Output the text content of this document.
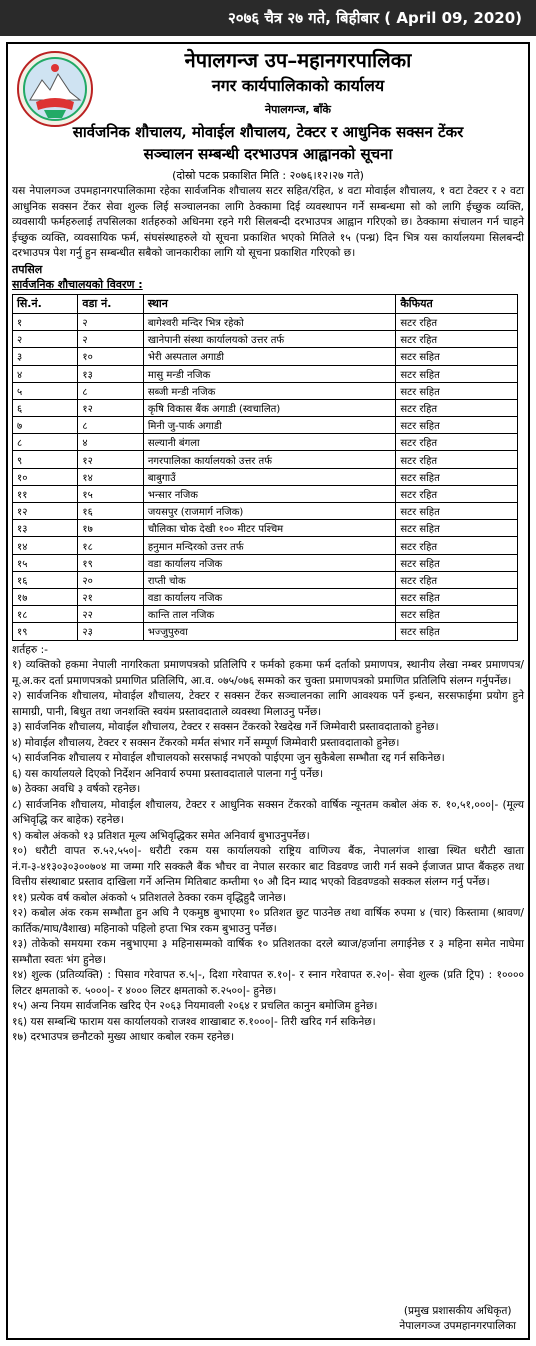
२०७६ चैत्र २७ गते, बिहीबार ( April 09, 2020)
नेपालगन्ज उप–महानगरपालिका
नगर कार्यपालिकाको कार्यालय
नेपालगन्ज, बाँके
सार्वजनिक शौचालय, मोवाईल शौचालय, टेक्टर र आधुनिक सक्सन टेंकर
सञ्चालन सम्बन्धी दरभाउपत्र आह्वानको सूचना
(दोस्रो पटक प्रकाशित मिति : २०७६।१२।२७ गते)
यस नेपालगञ्ज उपमहानगरपालिकामा रहेका सार्वजनिक शौचालय सटर सहित/रहित, ४ वटा मोवाईल शौचालय, १ वटा टेक्टर र २ वटा आधुनिक सक्सन टेंकर सेवा शुल्क लिई सञ्चालनका लागि ठेक्कामा दिई व्यवस्थापन गर्ने सम्बन्धमा सो को लागि ईच्छुक व्यक्ति, व्यवसायी फर्महरुलाई तपसिलका शर्तहरुको अधिनमा रहने गरी सिलबन्दी दरभाउपत्र आह्वान गरिएको छ। ठेक्कामा संचालन गर्न चाहने ईच्छुक व्यक्ति, व्यवसायिक फर्म, संघसंस्थाहरुले यो सूचना प्रकाशित भएको मितिले १५ (पन्ध्र) दिन भित्र यस कार्यालयमा सिलबन्दी दरभाउपत्र पेश गर्नु हुन सम्बन्धीत सबैको जानकारीका लागि यो सूचना प्रकाशित गरिएको छ।
तपसिल
सार्वजनिक शौचालयको विवरण :
सि.नं.	वडा नं.	स्थान	कैफियत
१	२	बागेश्वरी मन्दिर भित्र रहेको	सटर रहित
२	२	खानेपानी संस्था कार्यालयको उत्तर तर्फ	सटर रहित
३	१०	भेरी अस्पताल अगाडी	सटर सहित
४	१३	मासु मन्डी नजिक	सटर सहित
५	८	सब्जी मन्डी नजिक	सटर सहित
६	१२	कृषि विकास बैंक अगाडी (स्वचालित)	सटर रहित
७	८	मिनी जु-पार्क अगाडी	सटर सहित
८	४	सल्यानी बंगला	सटर रहित
९	१२	नगरपालिका कार्यालयको उत्तर तर्फ	सटर रहित
१०	१४	बाबुगाउँ	सटर सहित
११	१५	भन्सार नजिक	सटर रहित
१२	१६	जयसपुर (राजमार्ग नजिक)	सटर सहित
१३	१७	चौलिका चोक देखी १०० मीटर पश्चिम	सटर सहित
१४	१८	हनुमान मन्दिरको उत्तर तर्फ	सटर रहित
१५	१९	वडा कार्यालय नजिक	सटर सहित
१६	२०	राप्ती चोक	सटर रहित
१७	२१	वडा कार्यालय नजिक	सटर सहित
१८	२२	कान्ति ताल नजिक	सटर सहित
१९	२३	भज्जुपुरुवा	सटर सहित

शर्तहरु :-

१) व्यक्तिको हकमा नेपाली नागरिकता प्रमाणपत्रको प्रतिलिपि र फर्मको हकमा फर्म दर्ताको प्रमाणपत्र, स्थानीय लेखा नम्बर प्रमाणपत्र/मू.अ.कर दर्ता प्रमाणपत्रको प्रमाणित प्रतिलिपि, आ.व. ०७५/०७६ सम्मको कर चुक्ता प्रमाणपत्रको प्रमाणित प्रतिलिपि संलग्न गर्नुपर्नेछ।

२) सार्वजनिक शौचालय, मोवाईल शौचालय, टेक्टर र सक्सन टेंकर सञ्चालनका लागि आवश्यक पर्ने इन्धन, सरसफाईमा प्रयोग हुने सामाग्री, पानी, बिधुत तथा जनशक्ति स्वयंम प्रस्तावदाताले व्यवस्था मिलाउनु पर्नेछ।

३) सार्वजनिक शौचालय, मोवाईल शौचालय, टेक्टर र सक्सन टेंकरको रेखदेख गर्ने जिम्मेवारी प्रस्तावदाताको हुनेछ।

४) मोवाईल शौचालय, टेक्टर र सक्सन टेंकरको मर्मत संभार गर्ने सम्पूर्ण जिम्मेवारी प्रस्तावदाताको हुनेछ।

५) सार्वजनिक शौचालय र मोवाईल शौचालयको सरसफाई नभएको पाईएमा जुन सुकैबेला सम्भौता रद्द गर्न सकिनेछ।

६) यस कार्यालयले दिएको निर्देशन अनिवार्य रुपमा प्रस्तावदाताले पालना गर्नु पर्नेछ।

७) ठेक्का अवधि ३ वर्षको रहनेछ।

८) सार्वजनिक शौचालय, मोवाईल शौचालय, टेक्टर र आधुनिक सक्सन टेंकरको वार्षिक न्यूनतम कबोल अंक रु. १०,५१,०००|- (मूल्य अभिवृद्धि कर बाहेक) रहनेछ।

९) कबोल अंकको १३ प्रतिशत मूल्य अभिवृद्धिकर समेत अनिवार्य बुभाउनुपर्नेछ।

१०) धरौटी वापत रु.५२,५५०|- धरौटी रकम यस कार्यालयको राष्ट्रिय वाणिज्य बैंक, नेपालगंज शाखा स्थित धरौटी खाता नं.ग-३-४१३०३०३००७०४ मा जम्मा गरि सक्कलै बैंक भौचर वा नेपाल सरकार बाट विडवण्ड जारी गर्न सक्ने ईजाजत प्राप्त बैंकहरु तथा वित्तीय संस्थाबाट प्रस्ताव दाखिला गर्ने अन्तिम मितिबाट कम्तीमा ९० औ दिन म्याद भएको विडवण्डको सक्कल संलग्न गर्नु पर्नेछ।

११) प्रत्येक वर्ष कबोल अंकको ५ प्रतिशतले ठेक्का रकम वृद्धिहुदै जानेछ।

१२) कबोल अंक रकम सम्भौता हुन अघि नै एकमुष्ठ बुभाएमा १० प्रतिशत छुट पाउनेछ तथा वार्षिक रुपमा ४ (चार) किस्तामा (श्रावण/कार्तिक/माघ/वैशाख) महिनाको पहिलो हप्ता भित्र रकम बुभाउनु पर्नेछ।

१३) तोकेको समयमा रकम नबुभाएमा ३ महिनासम्मको वार्षिक १० प्रतिशतका दरले ब्याज/हर्जाना लगाईनेछ र ३ महिना समेत नाघेमा सम्भौता स्वतः भंग हुनेछ।

१४) शुल्क (प्रतिव्यक्ति) : पिसाव गरेवापत रु.५|-, दिशा गरेवापत रु.१०|- र स्नान गरेवापत रु.२०|- सेवा शुल्क (प्रति ट्रिप) : १०००० लिटर क्षमताको रु. ५०००|- र ४००० लिटर क्षमताको रु.२५००|- हुनेछ।

१५) अन्य नियम सार्वजनिक खरिद ऐन २०६३ नियमावली २०६४ र प्रचलित कानुन बमोजिम हुनेछ।

१६) यस सम्बन्धि फाराम यस कार्यालयको राजश्व शाखाबाट रु.१०००|- तिरी खरिद गर्न सकिनेछ।

१७) दरभाउपत्र छनौटको मुख्य आधार कबोल रकम रहनेछ।

(प्रमुख प्रशासकीय अधिकृत)
नेपालगञ्ज उपमहानगरपालिका
